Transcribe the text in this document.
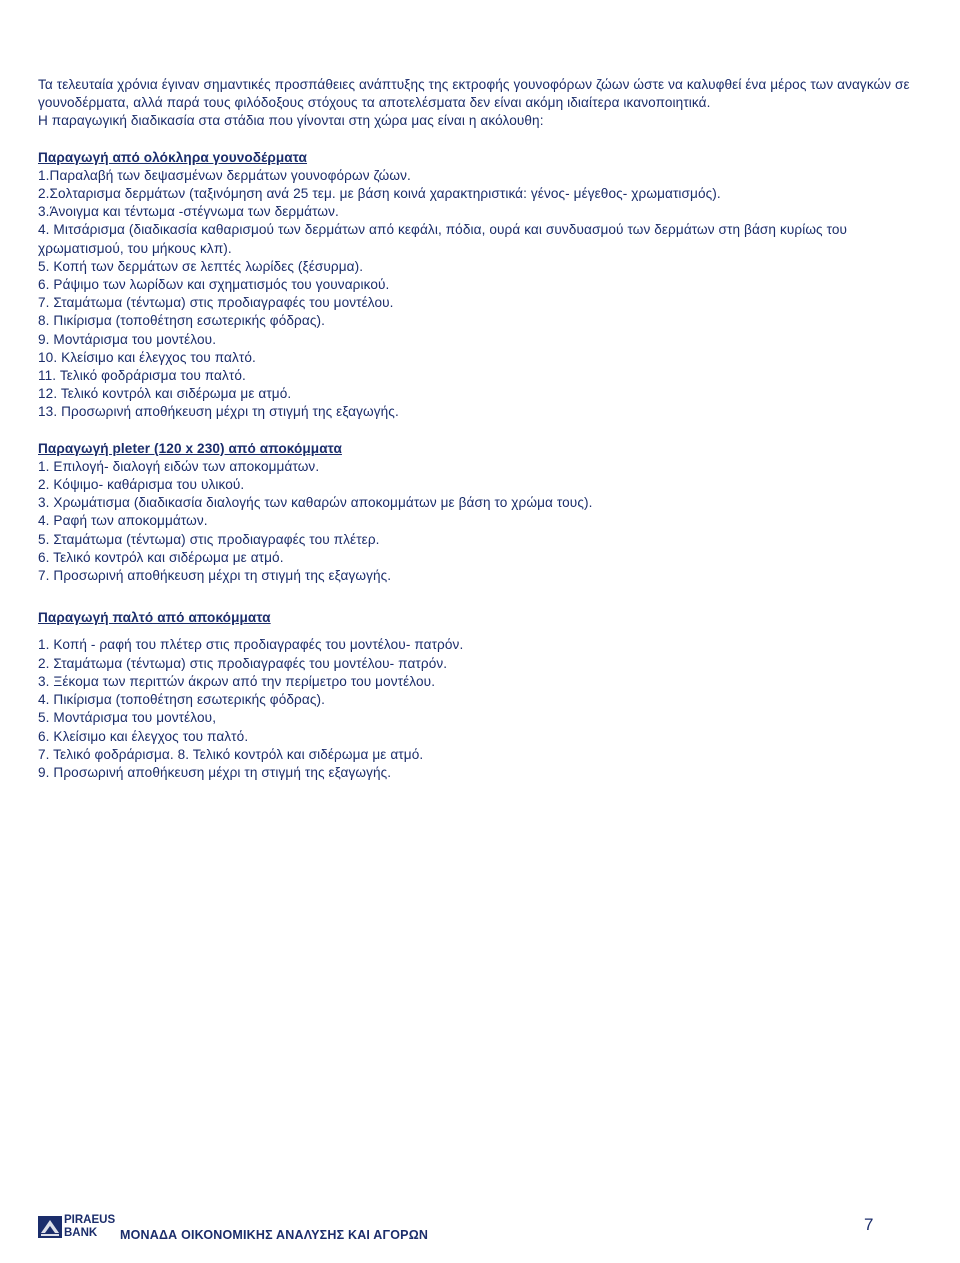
Τα τελευταία χρόνια έγιναν σημαντικές προσπάθειες ανάπτυξης της εκτροφής γουνοφόρων ζώων ώστε να καλυφθεί ένα μέρος των αναγκών σε γουνοδέρματα, αλλά παρά τους φιλόδοξους στόχους τα αποτελέσματα δεν είναι ακόμη ιδιαίτερα ικανοποιητικά.

Η παραγωγική διαδικασία στα στάδια που γίνονται στη χώρα μας είναι η ακόλουθη:

Παραγωγή από ολόκληρα γουνοδέρματα
1.Παραλαβή των δεψασμένων δερμάτων γουνοφόρων ζώων.
2.Σολταρισμα δερμάτων (ταξινόμηση ανά 25 τεμ. με βάση κοινά χαρακτηριστικά: γένος- μέγεθος- χρωματισμός).
3.Άνοιγμα και τέντωμα -στέγνωμα των δερμάτων.
4. Μιτσάρισμα (διαδικασία καθαρισμού των δερμάτων από κεφάλι, πόδια, ουρά και συνδυασμού των δερμάτων στη βάση κυρίως του χρωματισμού, του μήκους κλπ).
5. Κοπή των δερμάτων σε λεπτές λωρίδες (ξέσυρμα).
6. Ράψιμο των λωρίδων και σχηματισμός του γουναρικού.
7. Σταμάτωμα (τέντωμα) στις προδιαγραφές του μοντέλου.
8. Πικίρισμα (τοποθέτηση εσωτερικής φόδρας).
9. Μοντάρισμα του μοντέλου.
10. Κλείσιμο και έλεγχος του παλτό.
11. Τελικό φοδράρισμα του παλτό.
12. Τελικό κοντρόλ και σιδέρωμα με ατμό.
13. Προσωρινή αποθήκευση μέχρι τη στιγμή της εξαγωγής.
Παραγωγή pleter (120 x 230) από αποκόμματα
1. Επιλογή- διαλογή ειδών των αποκομμάτων.
2. Κόψιμο- καθάρισμα του υλικού.
3. Χρωμάτισμα (διαδικασία διαλογής των καθαρών αποκομμάτων με βάση το χρώμα τους).
4. Ραφή των αποκομμάτων.
5. Σταμάτωμα (τέντωμα) στις προδιαγραφές του πλέτερ.
6. Τελικό κοντρόλ και σιδέρωμα με ατμό.
7. Προσωρινή αποθήκευση μέχρι τη στιγμή της εξαγωγής.
Παραγωγή παλτό από αποκόμματα
1. Κοπή - ραφή του πλέτερ στις προδιαγραφές του μοντέλου- πατρόν.
2. Σταμάτωμα (τέντωμα) στις προδιαγραφές του μοντέλου- πατρόν.
3. Ξέκομα των περιττών άκρων από την περίμετρο του μοντέλου.
4. Πικίρισμα (τοποθέτηση εσωτερικής φόδρας).
5. Μοντάρισμα του μοντέλου,
6. Κλείσιμο και έλεγχος του παλτό.
7. Τελικό φοδράρισμα. 8. Τελικό κοντρόλ και σιδέρωμα με ατμό.
9. Προσωρινή αποθήκευση μέχρι τη στιγμή της εξαγωγής.
PIRAEUS
BANK	ΜΟΝΑΔΑ ΟΙΚΟΝΟΜΙΚΗΣ ΑΝΑΛΥΣΗΣ ΚΑΙ ΑΓΟΡΩΝ
7
